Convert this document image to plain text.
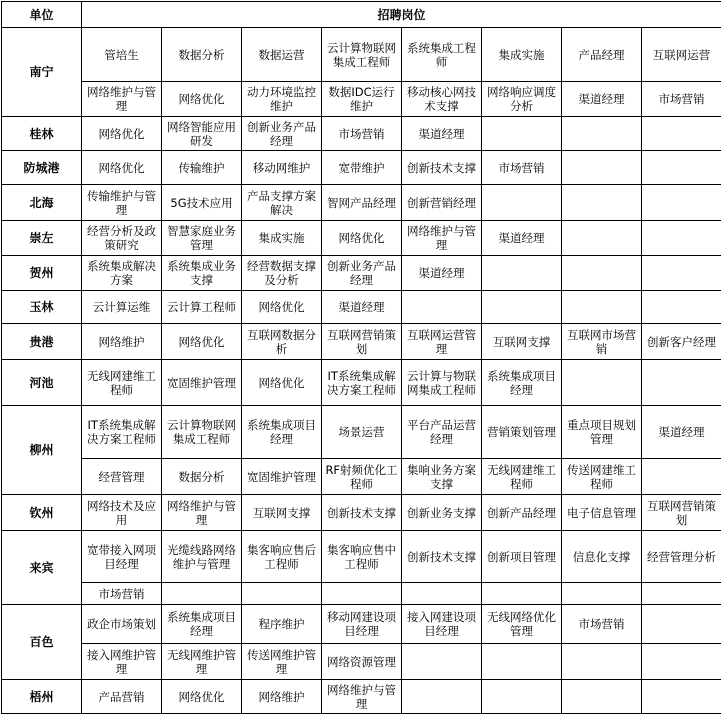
单位	招聘岗位							
南宁	管培生	数据分析	数据运营	云计算物联网集成工程师	系统集成工程师	集成实施	产品经理	互联网运营
	网络维护与管理	网络优化	动力环境监控维护	数据IDC运行维护	移动核心网技术支撑	网络响应调度分析	渠道经理	市场营销
桂林	网络优化	网络智能应用研发	创新业务产品经理	市场营销	渠道经理			
防城港	网络优化	传输维护	移动网维护	宽带维护	创新技术支撑	市场营销		
北海	传输维护与管理	5G技术应用	产品支撑方案解决	智网产品经理	创新营销经理			
崇左	经营分析及政策研究	智慧家庭业务管理	集成实施	网络优化	网络维护与管理	渠道经理		
贺州	系统集成解决方案	系统集成业务支撑	经营数据支撑及分析	创新业务产品经理	渠道经理			
玉林	云计算运维	云计算工程师	网络优化	渠道经理				
贵港	网络维护	网络优化	互联网数据分析	互联网营销策划	互联网运营管理	互联网支撑	互联网市场营销	创新客户经理
河池	无线网建维工程师	宽固维护管理	网络优化	IT系统集成解决方案工程师	云计算与物联网集成工程师	系统集成项目经理		
柳州	IT系统集成解决方案工程师	云计算物联网集成工程师	系统集成项目经理	场景运营	平台产品运营经理	营销策划管理	重点项目规划管理	渠道经理
	经营管理	数据分析	宽固维护管理	RF射频优化工程师	集响业务方案支撑	无线网建维工程师	传送网建维工程师	
钦州	网络技术及应用	网络维护与管理	互联网支撑	创新技术支撑	创新业务支撑	创新产品经理	电子信息管理	互联网营销策划
来宾	宽带接入网项目经理	光缆线路网络维护与管理	集客响应售后工程师	集客响应售中工程师	创新技术支撑	创新项目管理	信息化支撑	经营管理分析
	市场营销							
百色	政企市场策划	系统集成项目经理	程序维护	移动网建设项目经理	接入网建设项目经理	无线网络优化管理	市场营销	
	接入网维护管理	无线网维护管理	传送网维护管理	网络资源管理				
梧州	产品营销	网络优化	网络维护	网络维护与管理				
